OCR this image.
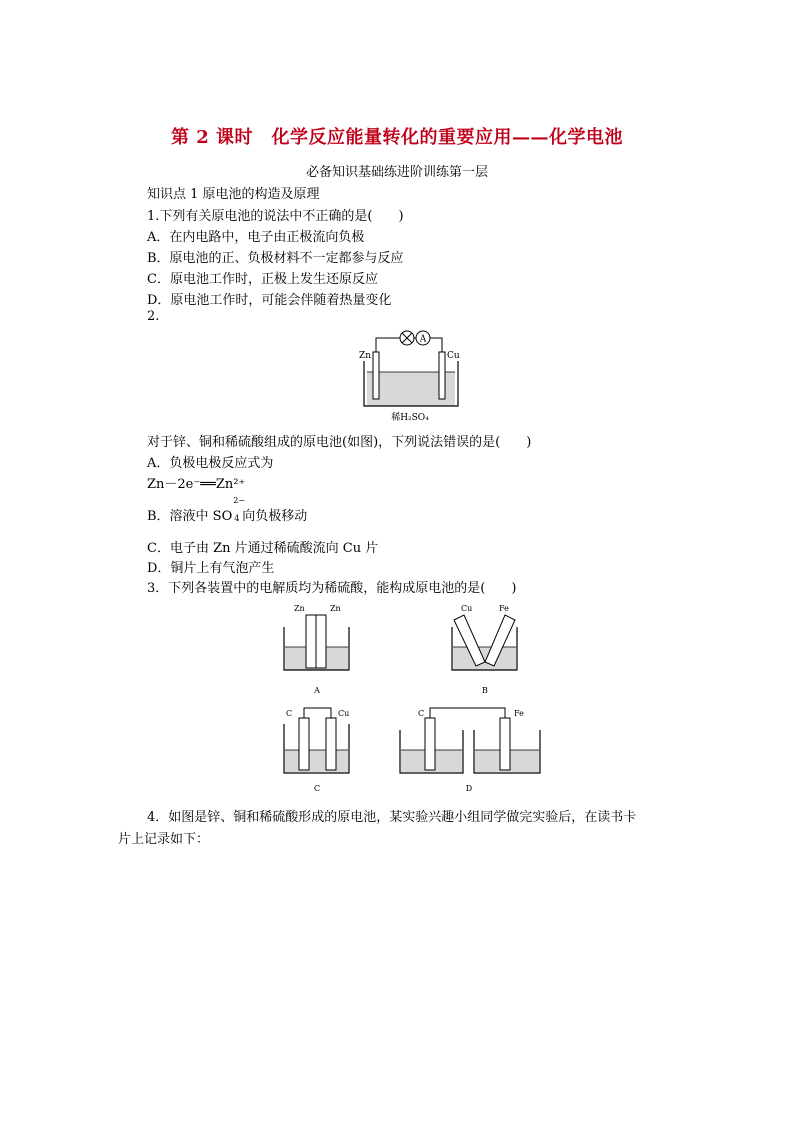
第 2 课时　化学反应能量转化的重要应用——化学电池
必备知识基础练进阶训练第一层
知识点 1 原电池的构造及原理
1.下列有关原电池的说法中不正确的是(　　)
A．在内电路中，电子由正极流向负极
B．原电池的正、负极材料不一定都参与反应
C．原电池工作时，正极上发生还原反应
D．原电池工作时，可能会伴随着热量变化
2.
A
Zn	Cu
稀H₂SO₄
对于锌、铜和稀硫酸组成的原电池(如图)，下列说法错误的是(　　)
A．负极电极反应式为
Zn－2e⁻══Zn²⁺
B．溶液中 SO
2−
4 向负极移动
C．电子由 Zn 片通过稀硫酸流向 Cu 片
D．铜片上有气泡产生
3．下列各装置中的电解质均为稀硫酸，能构成原电池的是(　　)
Zn	Zn
A
Cu	Fe
B
C	Cu
C
C	Fe
D
4．如图是锌、铜和稀硫酸形成的原电池，某实验兴趣小组同学做完实验后，在读书卡
片上记录如下：
